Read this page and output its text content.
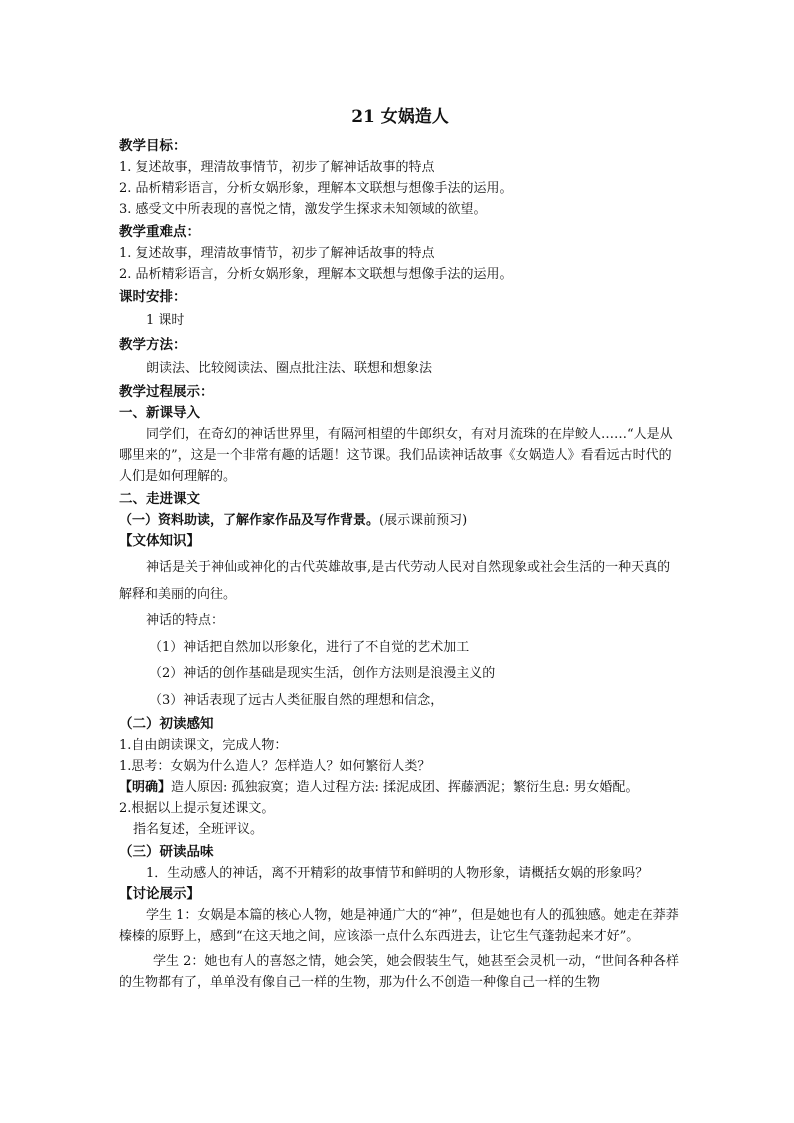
21 女娲造人
教学目标：
1. 复述故事，理清故事情节，初步了解神话故事的特点
2. 品析精彩语言，分析女娲形象，理解本文联想与想像手法的运用。
3. 感受文中所表现的喜悦之情，激发学生探求未知领域的欲望。
教学重难点：
1. 复述故事，理清故事情节，初步了解神话故事的特点
2. 品析精彩语言，分析女娲形象，理解本文联想与想像手法的运用。
课时安排：
1 课时
教学方法：
朗读法、比较阅读法、圈点批注法、联想和想象法
教学过程展示：
一、新课导入
同学们，在奇幻的神话世界里，有隔河相望的牛郎织女，有对月流珠的在岸鲛人……“人是从哪里来的”，这是一个非常有趣的话题！这节课。我们品读神话故事《女娲造人》看看远古时代的人们是如何理解的。
二、走进课文
（一）资料助读，了解作家作品及写作背景。(展示课前预习)
【文体知识】
神话是关于神仙或神化的古代英雄故事,是古代劳动人民对自然现象或社会生活的一种天真的解释和美丽的向往。
神话的特点：
（1）神话把自然加以形象化，进行了不自觉的艺术加工
（2）神话的创作基础是现实生活，创作方法则是浪漫主义的
（3）神话表现了远古人类征服自然的理想和信念，
（二）初读感知
1.自由朗读课文，完成人物：
1.思考：女娲为什么造人？怎样造人？如何繁衍人类？
【明确】造人原因: 孤独寂寞；造人过程方法: 揉泥成团、挥藤洒泥；繁衍生息: 男女婚配。
2.根据以上提示复述课文。
指名复述，全班评议。
（三）研读品味
1．生动感人的神话，离不开精彩的故事情节和鲜明的人物形象，请概括女娲的形象吗？
【讨论展示】
学生 1：女娲是本篇的核心人物，她是神通广大的“神”，但是她也有人的孤独感。她走在莽莽榛榛的原野上，感到“在这天地之间，应该添一点什么东西进去，让它生气蓬勃起来才好”。
学生 2：她也有人的喜怒之情，她会笑，她会假装生气，她甚至会灵机一动，“世间各种各样的生物都有了，单单没有像自己一样的生物，那为什么不创造一种像自己一样的生物
